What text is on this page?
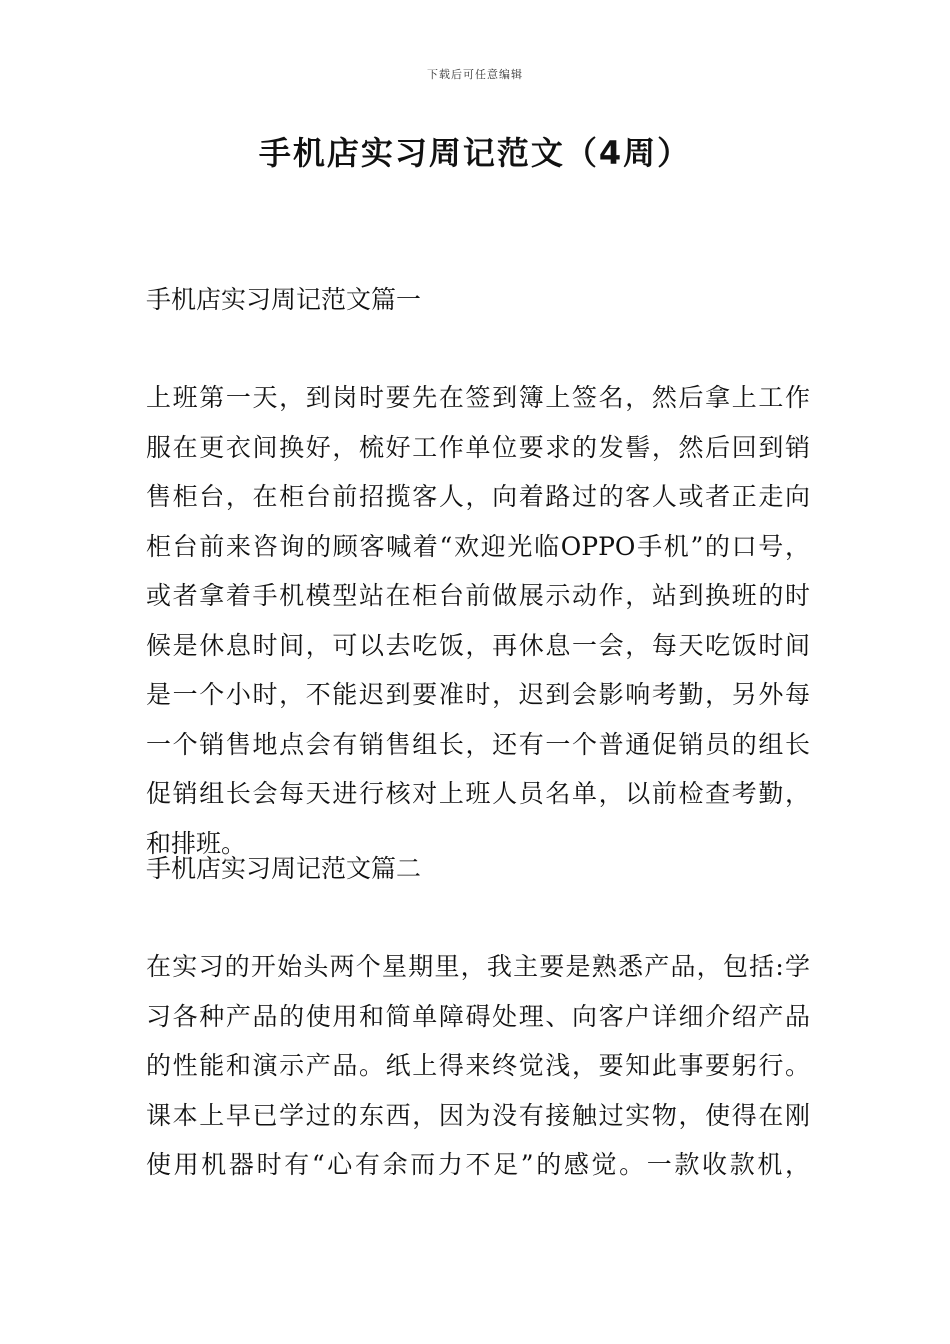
下载后可任意编辑
手机店实习周记范文（4周）
手机店实习周记范文篇一
上班第一天，到岗时要先在签到簿上签名，然后拿上工作
服在更衣间换好，梳好工作单位要求的发髻，然后回到销
售柜台，在柜台前招揽客人，向着路过的客人或者正走向
柜台前来咨询的顾客喊着“欢迎光临OPPO手机”的口号，
或者拿着手机模型站在柜台前做展示动作，站到换班的时
候是休息时间，可以去吃饭，再休息一会，每天吃饭时间
是一个小时，不能迟到要准时，迟到会影响考勤，另外每
一个销售地点会有销售组长，还有一个普通促销员的组长
促销组长会每天进行核对上班人员名单，以前检查考勤，
和排班。
手机店实习周记范文篇二
在实习的开始头两个星期里，我主要是熟悉产品，包括:学
习各种产品的使用和简单障碍处理、向客户详细介绍产品
的性能和演示产品。纸上得来终觉浅，要知此事要躬行。
课本上早已学过的东西，因为没有接触过实物，使得在刚
使用机器时有“心有余而力不足”的感觉。一款收款机，
